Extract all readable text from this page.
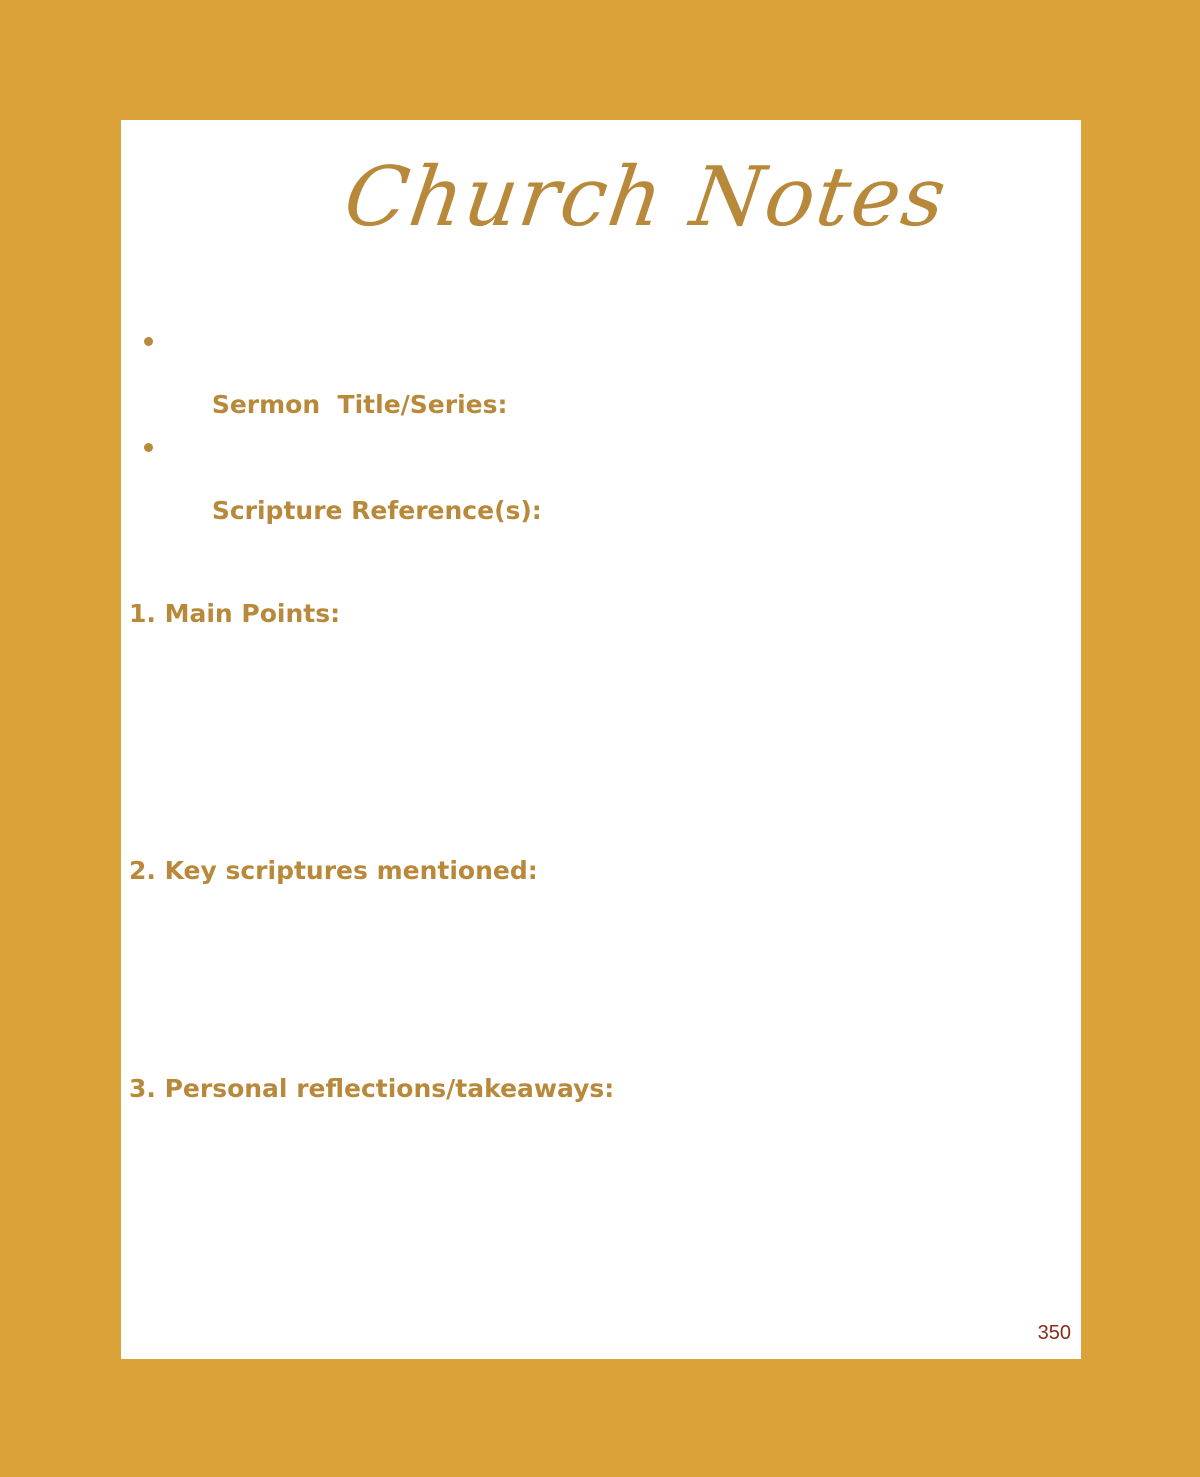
Church Notes

Sermon  Title/Series:

Scripture Reference(s):

1. Main Points:
2. Key scriptures mentioned:
3. Personal reflections/takeaways:
350
